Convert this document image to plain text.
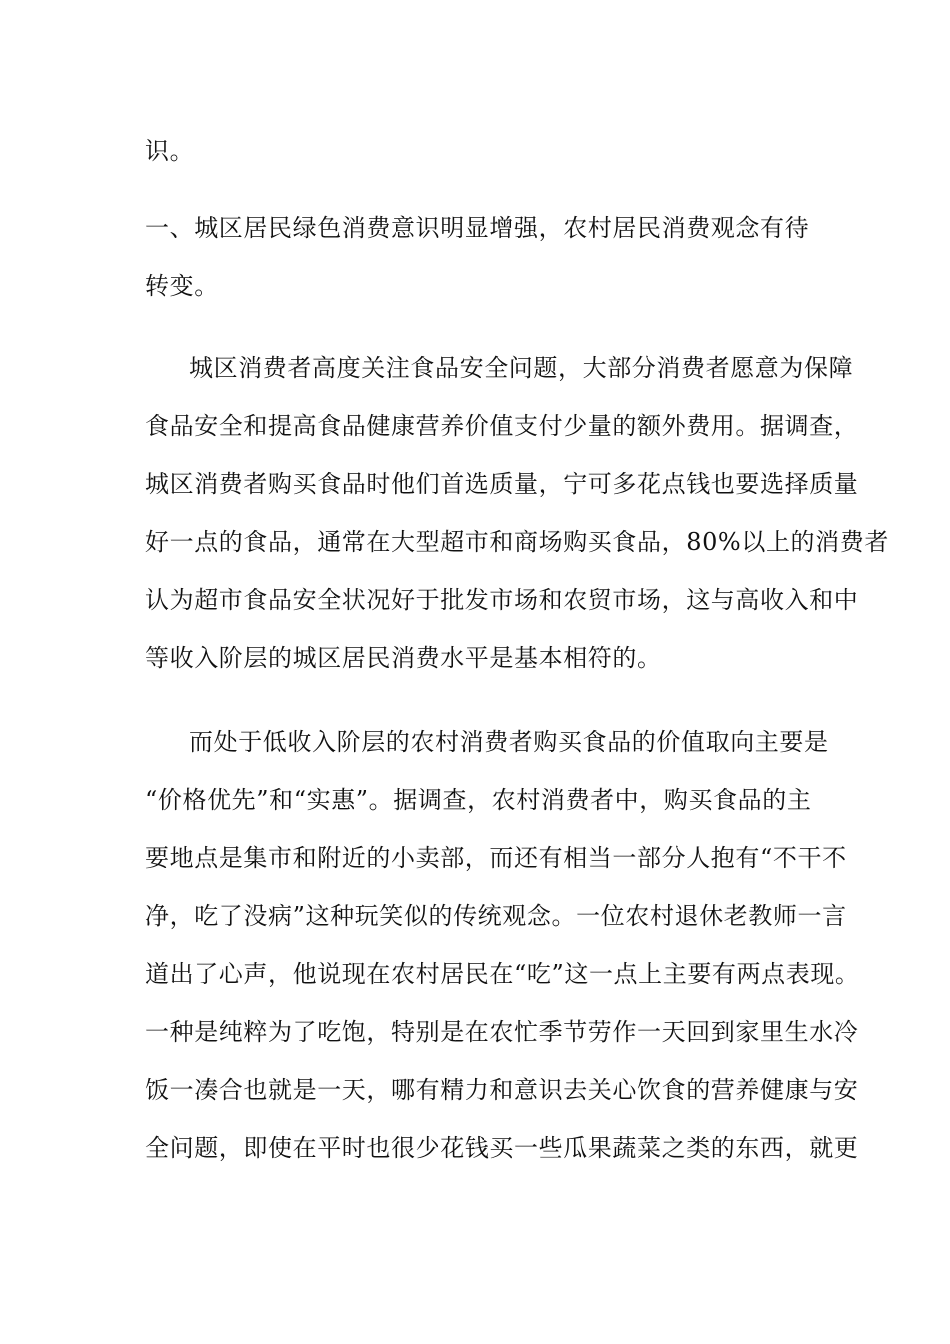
识。
一、城区居民绿色消费意识明显增强，农村居民消费观念有待
转变。
城区消费者高度关注食品安全问题，大部分消费者愿意为保障
食品安全和提高食品健康营养价值支付少量的额外费用。据调查，
城区消费者购买食品时他们首选质量，宁可多花点钱也要选择质量
好一点的食品，通常在大型超市和商场购买食品，80%以上的消费者
认为超市食品安全状况好于批发市场和农贸市场，这与高收入和中
等收入阶层的城区居民消费水平是基本相符的。
而处于低收入阶层的农村消费者购买食品的价值取向主要是
“价格优先”和“实惠”。据调查，农村消费者中，购买食品的主
要地点是集市和附近的小卖部，而还有相当一部分人抱有“不干不
净，吃了没病”这种玩笑似的传统观念。一位农村退休老教师一言
道出了心声，他说现在农村居民在“吃”这一点上主要有两点表现。
一种是纯粹为了吃饱，特别是在农忙季节劳作一天回到家里生水冷
饭一凑合也就是一天，哪有精力和意识去关心饮食的营养健康与安
全问题，即使在平时也很少花钱买一些瓜果蔬菜之类的东西，就更
